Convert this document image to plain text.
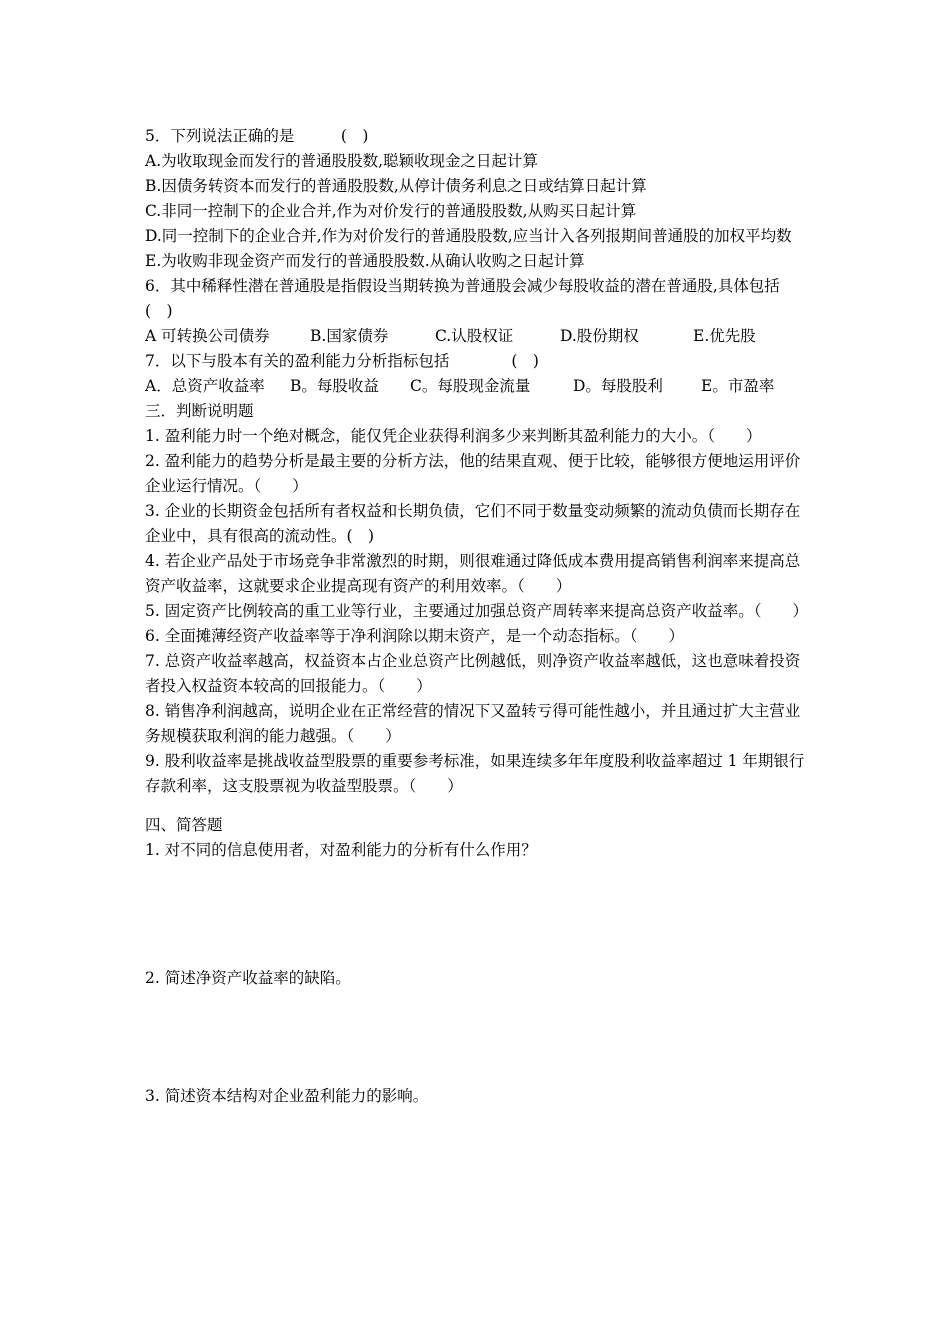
5．下列说法正确的是　　　(　)
A.为收取现金而发行的普通股股数,聪颖收现金之日起计算
B.因债务转资本而发行的普通股股数,从停计债务利息之日或结算日起计算
C.非同一控制下的企业合并,作为对价发行的普通股股数,从购买日起计算
D.同一控制下的企业合并,作为对价发行的普通股股数,应当计入各列报期间普通股的加权平均数
E.为收购非现金资产而发行的普通股股数.从确认收购之日起计算
6．其中稀释性潜在普通股是指假设当期转换为普通股会减少每股收益的潜在普通股,具体包括　　(　)
A 可转换公司债券	B.国家债券	C.认股权证	D.股份期权	E.优先股
7．以下与股本有关的盈利能力分析指标包括　　　　(　)
A．总资产收益率	B。每股收益	C。每股现金流量	D。每股股利	E。市盈率
三．判断说明题
1. 盈利能力时一个绝对概念，能仅凭企业获得利润多少来判断其盈利能力的大小。（　　）
2. 盈利能力的趋势分析是最主要的分析方法，他的结果直观、便于比较，能够很方便地运用评价企业运行情况。（　　）
3. 企业的长期资金包括所有者权益和长期负债，它们不同于数量变动频繁的流动负债而长期存在企业中，具有很高的流动性。(　)
4. 若企业产品处于市场竞争非常激烈的时期，则很难通过降低成本费用提高销售利润率来提高总资产收益率，这就要求企业提高现有资产的利用效率。（　　）
5. 固定资产比例较高的重工业等行业，主要通过加强总资产周转率来提高总资产收益率。（　　）
6. 全面摊薄经资产收益率等于净利润除以期末资产，是一个动态指标。（　　）
7. 总资产收益率越高，权益资本占企业总资产比例越低，则净资产收益率越低，这也意味着投资者投入权益资本较高的回报能力。（　　）
8. 销售净利润越高，说明企业在正常经营的情况下又盈转亏得可能性越小，并且通过扩大主营业务规模获取利润的能力越强。（　　）
9. 股利收益率是挑战收益型股票的重要参考标准，如果连续多年年度股利收益率超过 1 年期银行存款利率，这支股票视为收益型股票。（　　）
四、简答题
1. 对不同的信息使用者，对盈利能力的分析有什么作用？
2. 简述净资产收益率的缺陷。
3. 简述资本结构对企业盈利能力的影响。
